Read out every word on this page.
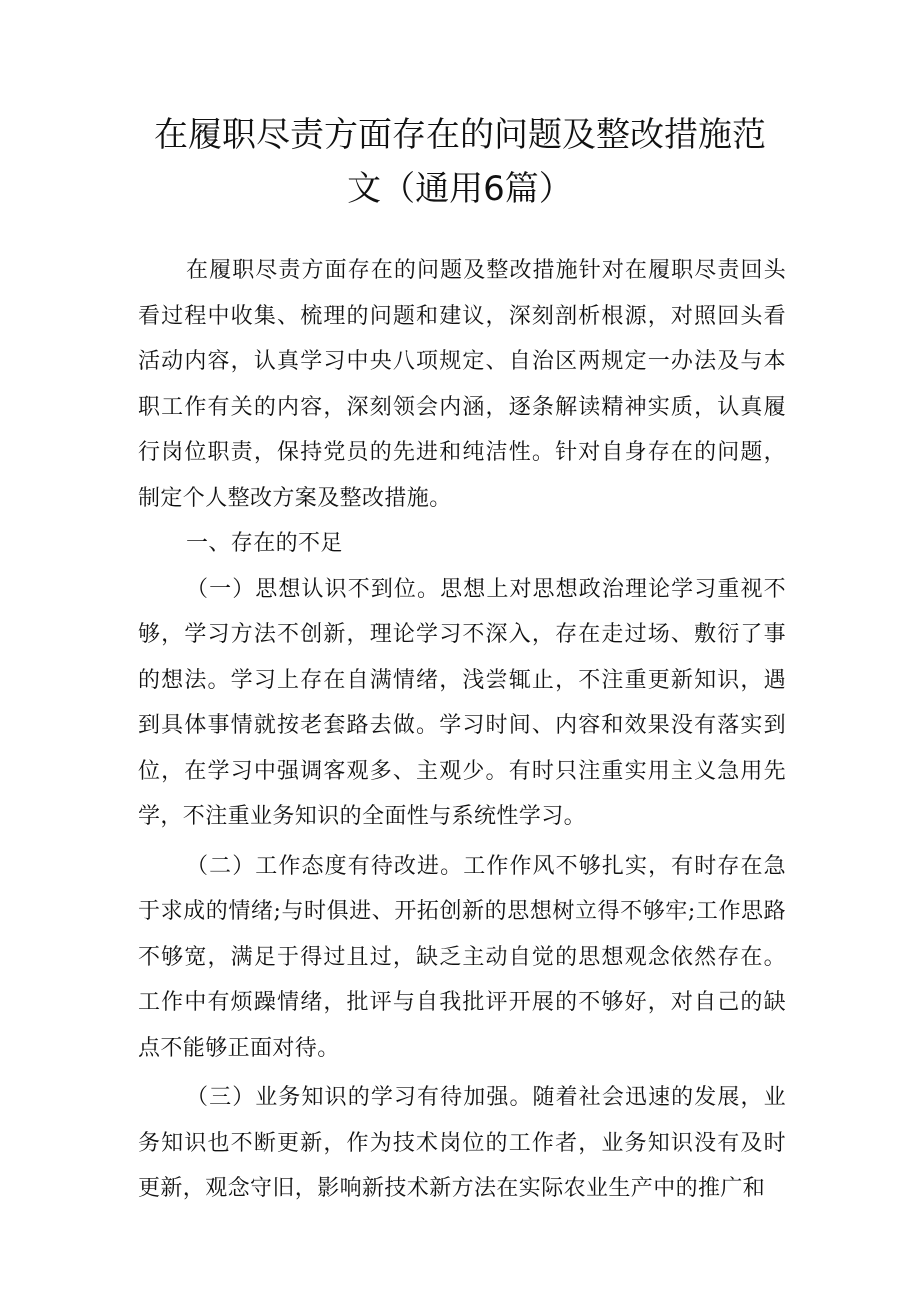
在履职尽责方面存在的问题及整改措施范
文（通用6篇）

在履职尽责方面存在的问题及整改措施针对在履职尽责回头看过程中收集、梳理的问题和建议，深刻剖析根源，对照回头看活动内容，认真学习中央八项规定、自治区两规定一办法及与本职工作有关的内容，深刻领会内涵，逐条解读精神实质，认真履行岗位职责，保持党员的先进和纯洁性。针对自身存在的问题，制定个人整改方案及整改措施。

一、存在的不足

（一）思想认识不到位。思想上对思想政治理论学习重视不够，学习方法不创新，理论学习不深入，存在走过场、敷衍了事的想法。学习上存在自满情绪，浅尝辄止，不注重更新知识，遇到具体事情就按老套路去做。学习时间、内容和效果没有落实到位，在学习中强调客观多、主观少。有时只注重实用主义急用先学，不注重业务知识的全面性与系统性学习。

（二）工作态度有待改进。工作作风不够扎实，有时存在急于求成的情绪;与时俱进、开拓创新的思想树立得不够牢;工作思路不够宽，满足于得过且过，缺乏主动自觉的思想观念依然存在。工作中有烦躁情绪，批评与自我批评开展的不够好，对自己的缺点不能够正面对待。

（三）业务知识的学习有待加强。随着社会迅速的发展，业务知识也不断更新，作为技术岗位的工作者，业务知识没有及时更新，观念守旧，影响新技术新方法在实际农业生产中的推广和
